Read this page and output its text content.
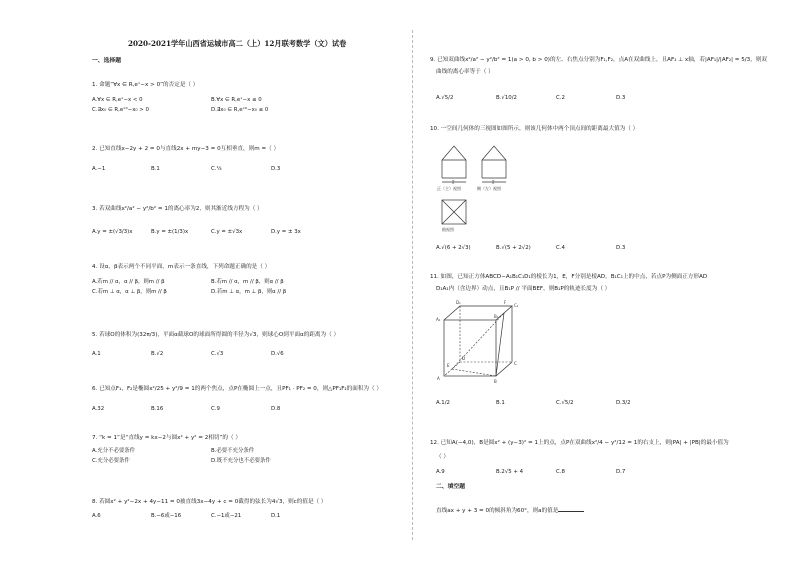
2020-2021学年山西省运城市高二（上）12月联考数学（文）试卷
一、选择题
1. 命题“∀x ∈ R,eˣ−x > 0”的否定是（ ）
A.∀x ∈ R,eˣ−x < 0	B.∀x ∈ R,eˣ−x ≤ 0
C.∃x₀ ∈ R,eˣ⁰−x₀ > 0	D.∃x₀ ∈ R,eˣ⁰−x₀ ≤ 0
2. 已知直线x−2y + 2 = 0与直线2x + my−3 = 0互相垂直，则m =（ ）
A.−1	B.1	C.¹⁄₄	D.3
3. 若双曲线x²/a² − y²/b² = 1的离心率为2，则其渐近线方程为（ ）
A.y = ±(√3/3)x	B.y = ±(1/3)x	C.y = ±√3x	D.y = ± 3x
4. 设α，β表示两个不同平面，m表示一条直线，下列命题正确的是（ ）
A.若m // α，α // β，则m // β	B.若m // α，m // β，则α // β
C.若m ⊥ α，α ⊥ β，则m // β	D.若m ⊥ α，m ⊥ β，则α // β
5. 若球O的体积为(32π/3)，平面α截球O的球面所得圆的半径为√3，则球心O到平面α的距离为（ ）
A.1	B.√2	C.√3	D.√6
6. 已知点F₁，F₂是椭圆x²/25 + y²/9 = 1的两个焦点，点P在椭圆上一点，且PF₁ · PF₂ = 0，则△PF₁F₂的面积为（ ）
A.32	B.16	C.9	D.8
7. “k = 1”是“直线y = kx−2与圆x² + y² = 2相切”的（ ）
A.充分不必要条件	B.必要不充分条件
C.充分必要条件	D.既不充分也不必要条件
8. 若圆x² + y²−2x + 4y−11 = 0被直线3x−4y + c = 0截得的弦长为4√3，则c的值是（ ）
A.6	B.−6或−16	C.−1或−21	D.1
9. 已知双曲线x²/a² − y²/b² = 1(a > 0, b > 0)的左、右焦点分别为F₁,F₂，点A在双曲线上，且AF₂ ⊥ x轴，若|AF₁|/|AF₂| = 5/3，则双
曲线的离心率等于（ ）
A.√5/2	B.√10/2	C.2	D.3
10. 一空间几何体的三视图如图所示，则该几何体中两个顶点间的距离最大值为（ ）
2
正（主）视图
2
侧（左）视图
俯视图
A.√(6 + 2√3)	B.√(5 + 2√2)	C.4	D.3
11. 如图，已知正方体ABCD−A₁B₁C₁D₁的棱长为1，E，F分别是棱AD，B₁C₁上的中点，若点P为侧面正方形AD
D₁A₁内（含边界）动点，且B₁P // 平面BEF，则B₁P的轨迹长度为（ ）
A₁
D₁
B₁
F
C₁
A
E
D
B
C
A.1/2	B.1	C.√5/2	D.3/2
12. 已知A(−4,0)，B是圆x² + (y−3)² = 1上的点，点P在双曲线x²/4 − y²/12 = 1的右支上，则|PA| + |PB|的最小值为
（ ）
A.9	B.2√5 + 4	C.8	D.7
二、填空题
直线ax + y + 3 = 0的倾斜角为60°，则a的值是
